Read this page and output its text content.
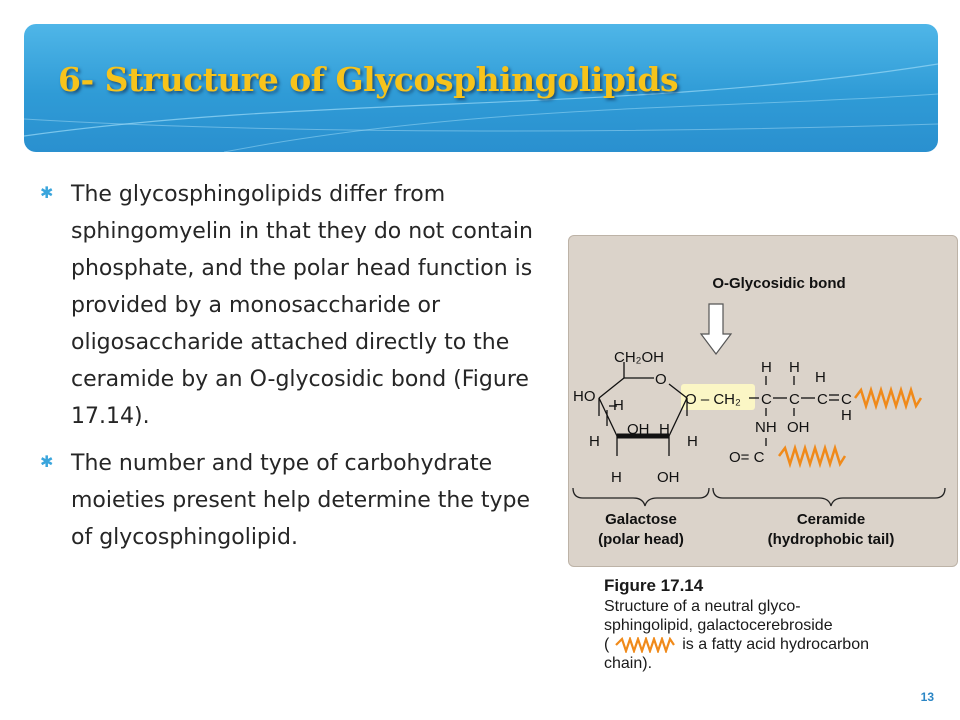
6- Structure of Glycosphingolipids
✱ The glycosphingolipids differ from sphingomyelin in that they do not contain phosphate, and the polar head function is provided by a monosaccharide or oligosaccharide attached directly to the ceramide by an O-glycosidic bond (Figure 17.14).
✱ The number and type of carbohydrate moieties present help determine the type of glycosphingolipid.
O-Glycosidic bond
CH₂OH
O
HO
H
OH H
H	H
H OH
O – CH₂ C C C C
H H
H
H
NH OH
O= C
Galactose
(polar head)
Ceramide
(hydrophobic tail)
Figure 17.14
Structure of a neutral glyco-
sphingolipid, galactocerebroside
(	is a fatty acid hydrocarbon
chain).
13
